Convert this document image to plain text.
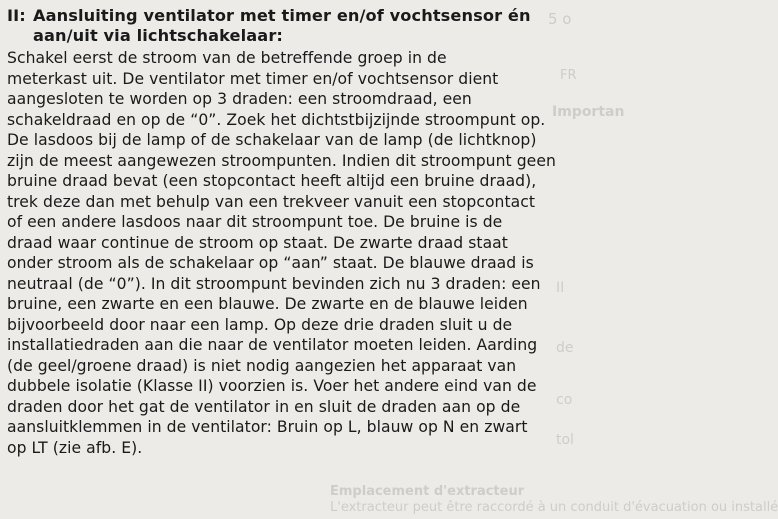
5 o
FR
Importan
II
de
co
tol
Emplacement d'extracteur
L'extracteur peut être raccordé à un conduit d'évacuation ou installé
II: Aansluiting ventilator met timer en/of vochtsensor én
aan/uit via lichtschakelaar:

Schakel eerst de stroom van de betreffende groep in de
meterkast uit. De ventilator met timer en/of vochtsensor dient
aangesloten te worden op 3 draden: een stroomdraad, een
schakeldraad en op de “0”. Zoek het dichtstbijzijnde stroompunt op.
De lasdoos bij de lamp of de schakelaar van de lamp (de lichtknop)
zijn de meest aangewezen stroompunten. Indien dit stroompunt geen
bruine draad bevat (een stopcontact heeft altijd een bruine draad),
trek deze dan met behulp van een trekveer vanuit een stopcontact
of een andere lasdoos naar dit stroompunt toe. De bruine is de
draad waar continue de stroom op staat. De zwarte draad staat
onder stroom als de schakelaar op “aan” staat. De blauwe draad is
neutraal (de “0”). In dit stroompunt bevinden zich nu 3 draden: een
bruine, een zwarte en een blauwe. De zwarte en de blauwe leiden
bijvoorbeeld door naar een lamp. Op deze drie draden sluit u de
installatiedraden aan die naar de ventilator moeten leiden. Aarding
(de geel/groene draad) is niet nodig aangezien het apparaat van
dubbele isolatie (Klasse II) voorzien is. Voer het andere eind van de
draden door het gat de ventilator in en sluit de draden aan op de
aansluitklemmen in de ventilator: Bruin op L, blauw op N en zwart
op LT (zie afb. E).
